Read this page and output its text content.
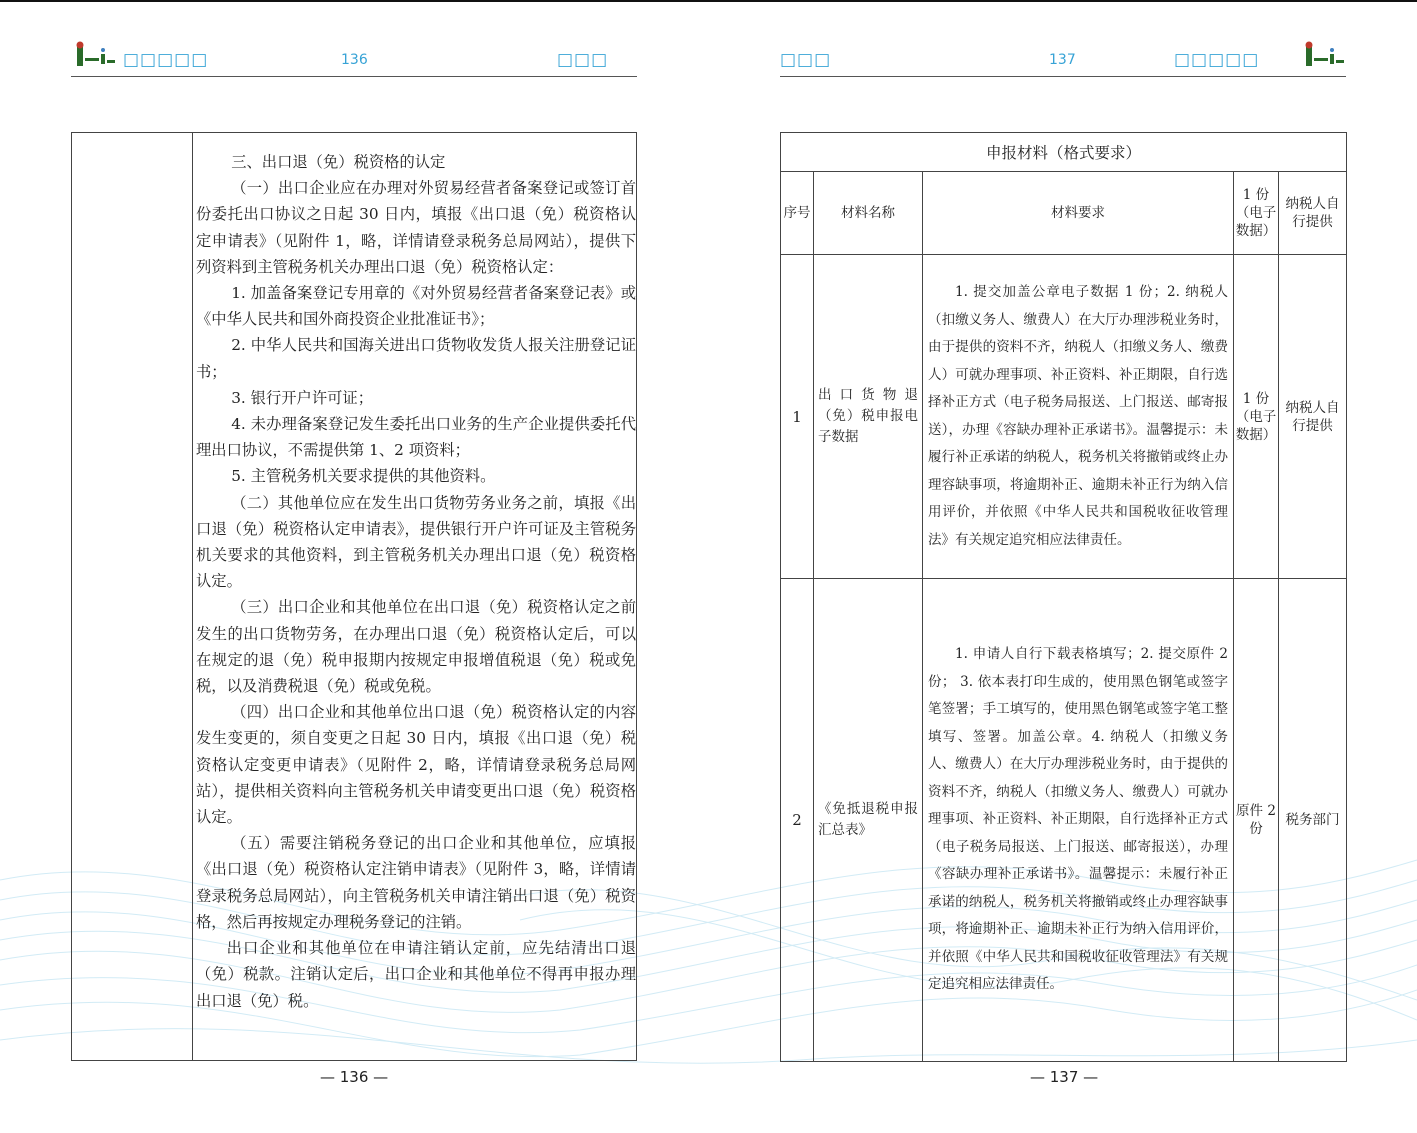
□□□□□	136	□□□	□□□	137	□□□□□

三、出口退（免）税资格的认定

（一）出口企业应在办理对外贸易经营者备案登记或签订首份委托出口协议之日起 30 日内，填报《出口退（免）税资格认定申请表》（见附件 1，略，详情请登录税务总局网站），提供下列资料到主管税务机关办理出口退（免）税资格认定：

1. 加盖备案登记专用章的《对外贸易经营者备案登记表》或《中华人民共和国外商投资企业批准证书》；

2. 中华人民共和国海关进出口货物收发货人报关注册登记证书；

3. 银行开户许可证；

4. 未办理备案登记发生委托出口业务的生产企业提供委托代理出口协议，不需提供第 1、2 项资料；

5. 主管税务机关要求提供的其他资料。

（二）其他单位应在发生出口货物劳务业务之前，填报《出口退（免）税资格认定申请表》，提供银行开户许可证及主管税务机关要求的其他资料，到主管税务机关办理出口退（免）税资格认定。

（三）出口企业和其他单位在出口退（免）税资格认定之前发生的出口货物劳务，在办理出口退（免）税资格认定后，可以在规定的退（免）税申报期内按规定申报增值税退（免）税或免税，以及消费税退（免）税或免税。

（四）出口企业和其他单位出口退（免）税资格认定的内容发生变更的，须自变更之日起 30 日内，填报《出口退（免）税资格认定变更申请表》（见附件 2，略，详情请登录税务总局网站），提供相关资料向主管税务机关申请变更出口退（免）税资格认定。

（五）需要注销税务登记的出口企业和其他单位，应填报《出口退（免）税资格认定注销申请表》（见附件 3，略，详情请登录税务总局网站），向主管税务机关申请注销出口退（免）税资格，然后再按规定办理税务登记的注销。

出口企业和其他单位在申请注销认定前，应先结清出口退（免）税款。注销认定后，出口企业和其他单位不得再申报办理出口退（免）税。

申报材料（格式要求）				
序号	材料名称	材料要求	1 份（电子数据）	纳税人自行提供
1	出口货物退（免）税申报电子数据	1. 提交加盖公章电子数据 1 份；2. 纳税人（扣缴义务人、缴费人）在大厅办理涉税业务时，由于提供的资料不齐，纳税人（扣缴义务人、缴费人）可就办理事项、补正资料、补正期限，自行选择补正方式（电子税务局报送、上门报送、邮寄报送），办理《容缺办理补正承诺书》。温馨提示：未履行补正承诺的纳税人，税务机关将撤销或终止办理容缺事项，将逾期补正、逾期未补正行为纳入信用评价，并依照《中华人民共和国税收征收管理法》有关规定追究相应法律责任。	1 份（电子数据）	纳税人自行提供
2	《免抵退税申报汇总表》	1. 申请人自行下载表格填写；2. 提交原件 2 份； 3. 依本表打印生成的，使用黑色钢笔或签字笔签署；手工填写的，使用黑色钢笔或签字笔工整填写、签署。加盖公章。4. 纳税人（扣缴义务人、缴费人）在大厅办理涉税业务时，由于提供的资料不齐，纳税人（扣缴义务人、缴费人）可就办理事项、补正资料、补正期限，自行选择补正方式（电子税务局报送、上门报送、邮寄报送），办理《容缺办理补正承诺书》。温馨提示：未履行补正承诺的纳税人，税务机关将撤销或终止办理容缺事项，将逾期补正、逾期未补正行为纳入信用评价，并依照《中华人民共和国税收征收管理法》有关规定追究相应法律责任。	原件 2 份	税务部门
— 136 —	— 137 —
